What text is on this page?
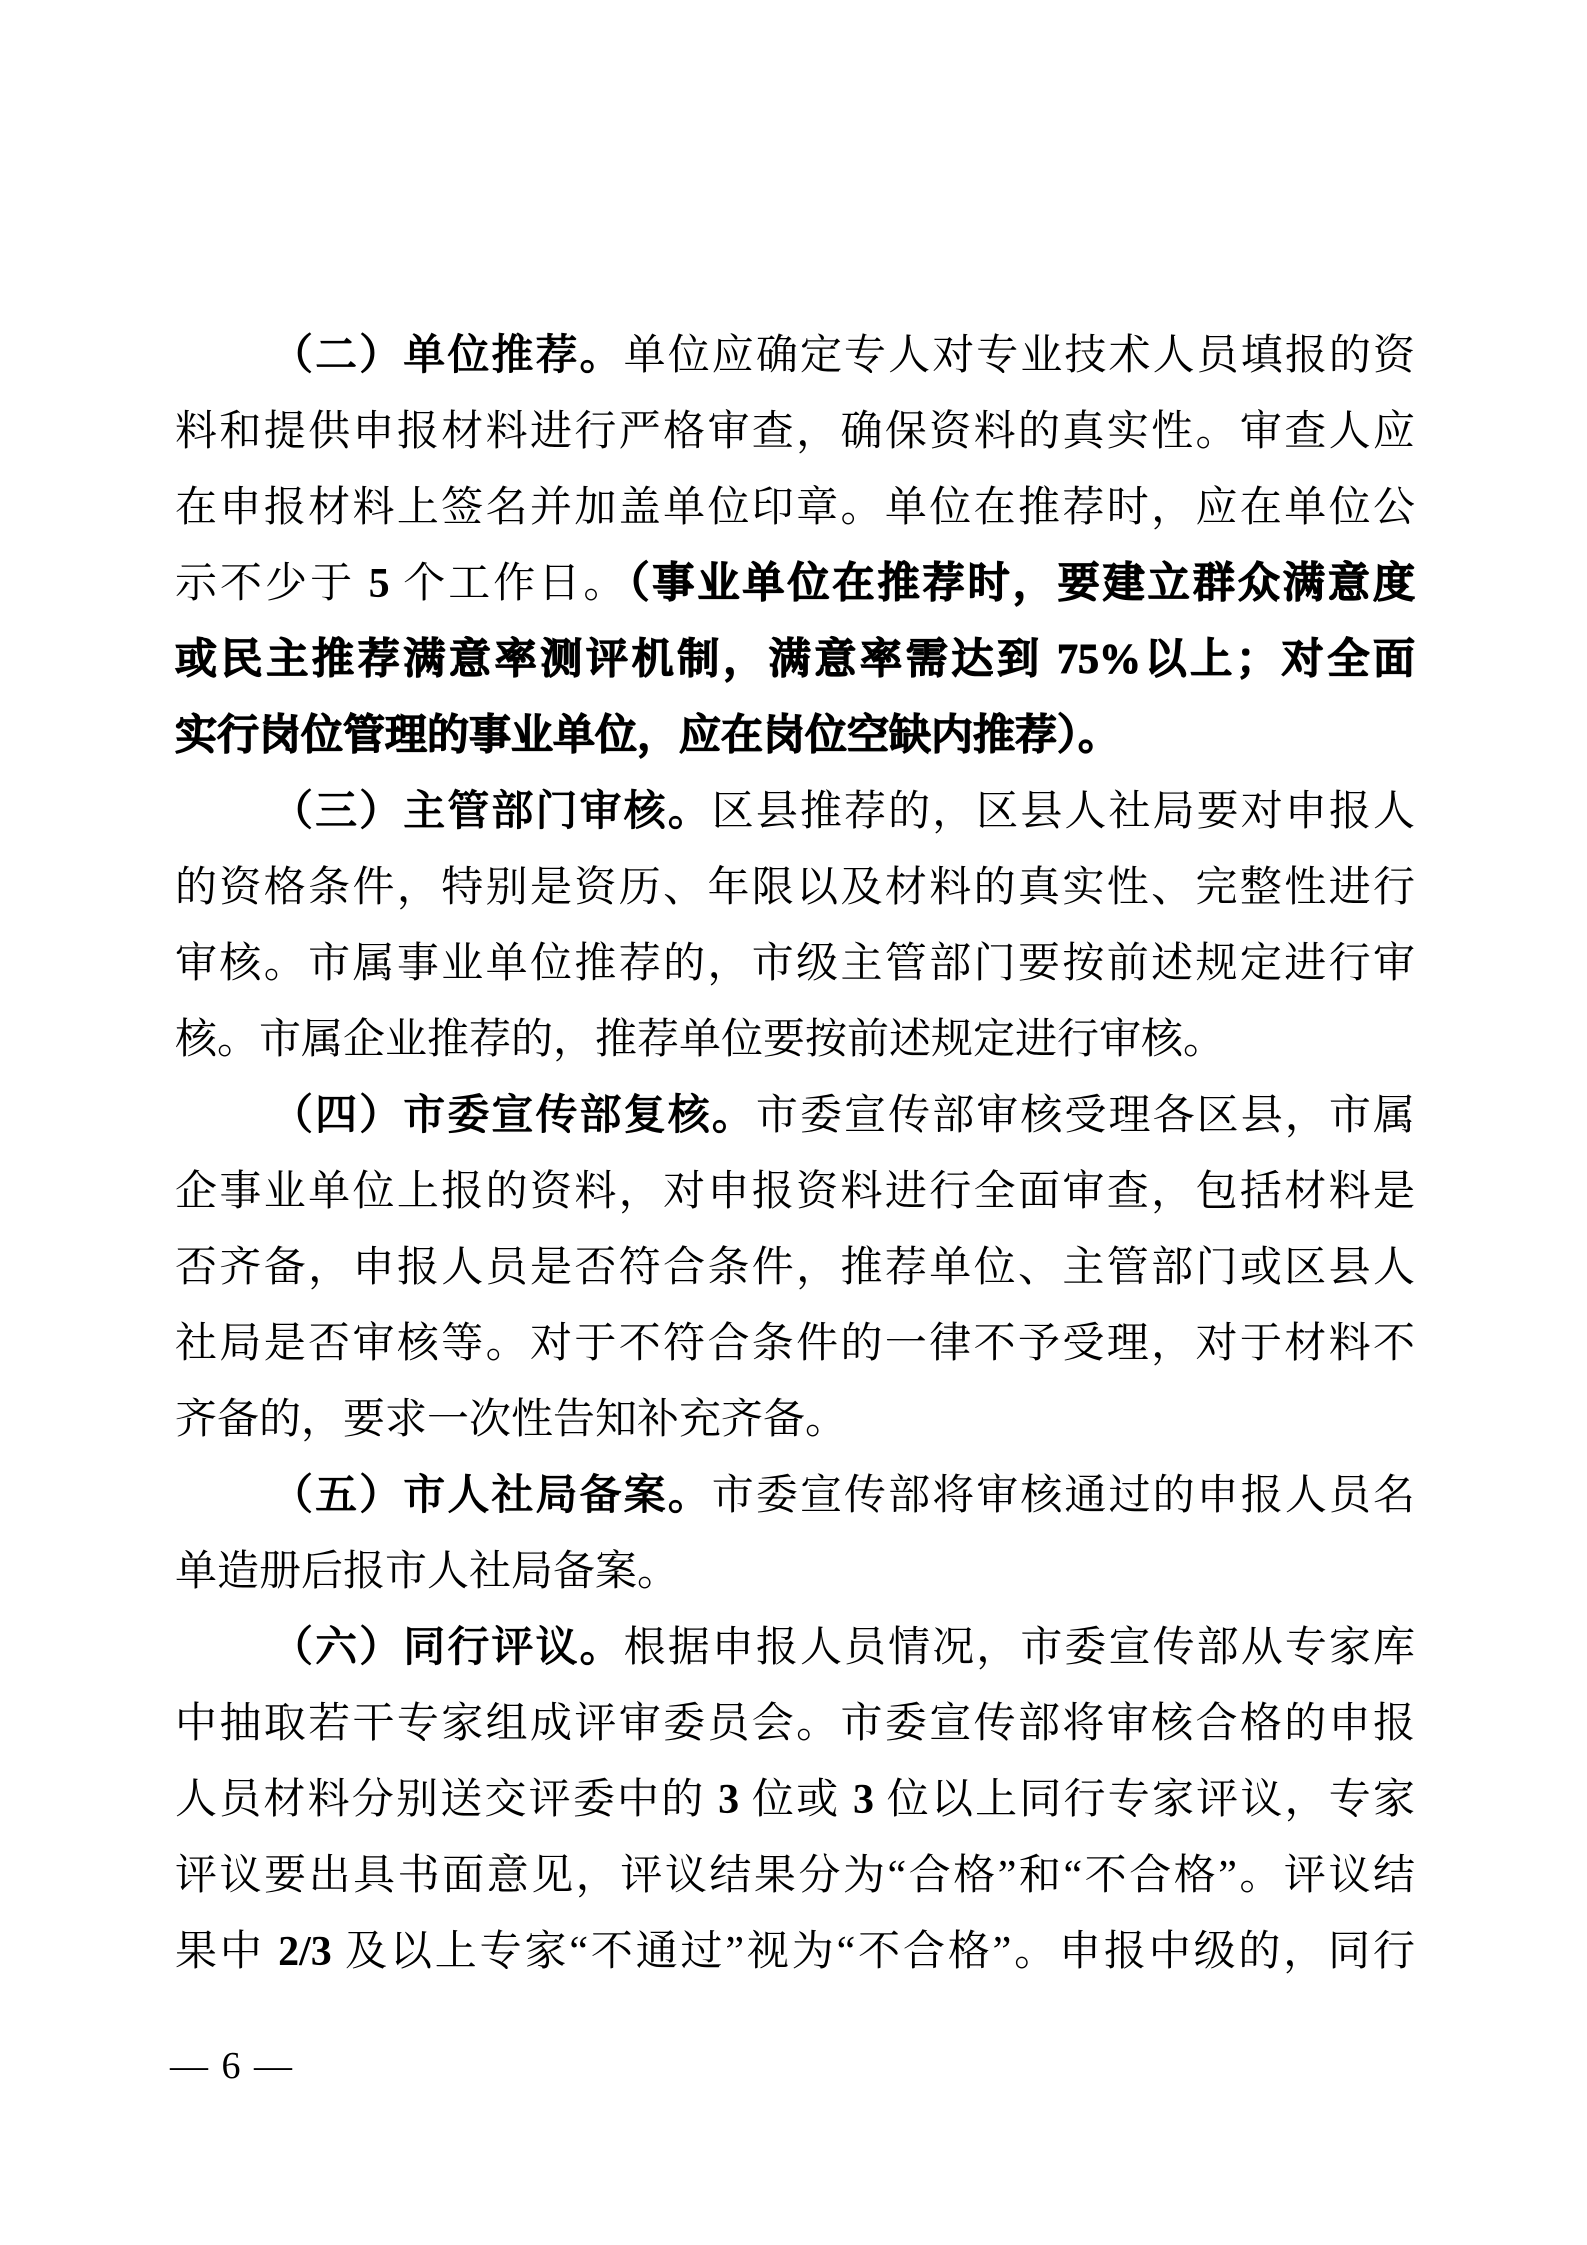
（二）单位推荐。单位应确定专人对专业技术人员填报的资
料和提供申报材料进行严格审查，确保资料的真实性。审查人应
在申报材料上签名并加盖单位印章。单位在推荐时，应在单位公
示不少于 5 个工作日。（事业单位在推荐时，要建立群众满意度
或民主推荐满意率测评机制，满意率需达到 75%以上；对全面
实行岗位管理的事业单位，应在岗位空缺内推荐）。
（三）主管部门审核。区县推荐的，区县人社局要对申报人
的资格条件，特别是资历、年限以及材料的真实性、完整性进行
审核。市属事业单位推荐的，市级主管部门要按前述规定进行审
核。市属企业推荐的，推荐单位要按前述规定进行审核。
（四）市委宣传部复核。市委宣传部审核受理各区县，市属
企事业单位上报的资料，对申报资料进行全面审查，包括材料是
否齐备，申报人员是否符合条件，推荐单位、主管部门或区县人
社局是否审核等。对于不符合条件的一律不予受理，对于材料不
齐备的，要求一次性告知补充齐备。
（五）市人社局备案。市委宣传部将审核通过的申报人员名
单造册后报市人社局备案。
（六）同行评议。根据申报人员情况，市委宣传部从专家库
中抽取若干专家组成评审委员会。市委宣传部将审核合格的申报
人员材料分别送交评委中的 3 位或 3 位以上同行专家评议，专家
评议要出具书面意见，评议结果分为“合格”和“不合格”。评议结
果中 2/3 及以上专家“不通过”视为“不合格”。申报中级的，同行
— 6 —
